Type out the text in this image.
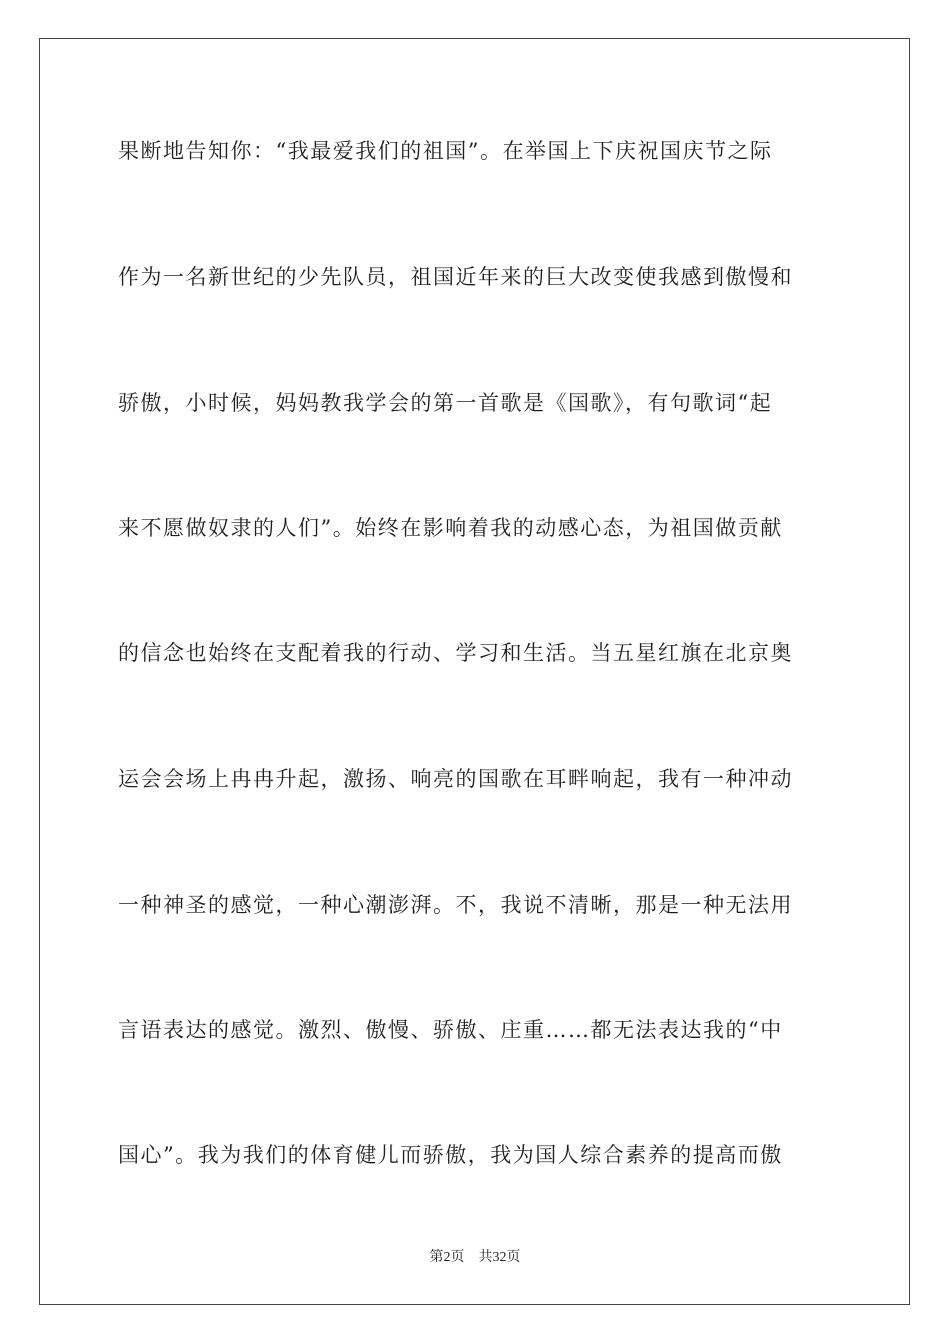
果断地告知你：“我最爱我们的祖国”。在举国上下庆祝国庆节之际
作为一名新世纪的少先队员，祖国近年来的巨大改变使我感到傲慢和
骄傲，小时候，妈妈教我学会的第一首歌是《国歌》，有句歌词“起
来不愿做奴隶的人们”。始终在影响着我的动感心态，为祖国做贡献
的信念也始终在支配着我的行动、学习和生活。当五星红旗在北京奥
运会会场上冉冉升起，激扬、响亮的国歌在耳畔响起，我有一种冲动
一种神圣的感觉，一种心潮澎湃。不，我说不清晰，那是一种无法用
言语表达的感觉。激烈、傲慢、骄傲、庄重……都无法表达我的“中
国心”。我为我们的体育健儿而骄傲，我为国人综合素养的提高而傲
第2页 共32页
